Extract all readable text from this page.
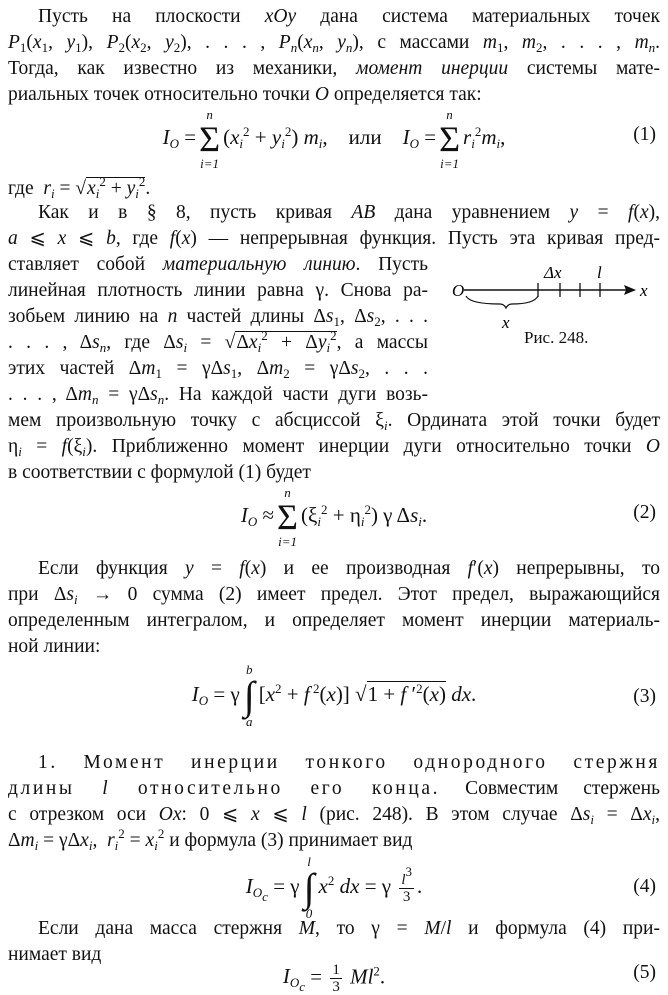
Пусть на плоскости xOy дана система материальных точек
$P_1(x_1$, $y_1$), $P_2(x_2$, $y_2$), . . . , $P_n(x_n$, $y_n$), с массами $m_1$, $m_2$, . . . , $m_n$.
Тогда, как известно из механики, момент инерции системы мате-
риальных точек относительно точки O определяется так:
$I_O$ =
n
Σ
i=1
$(x_i^2 + y_i^2)$ $m_i$,    или $I_O$ =
n
Σ
i=1
$r_i^2m_i$,	(1)
где $r_i = √x_i^2 + y_i^2$.
Как и в § 8, пусть кривая AB дана уравнением y = f(x),
a ⩽ x ⩽ b, где f(x) — непрерывная функция. Пусть эта кривая пред-
ставляет собой материальную линию. Пусть
линейная плотность линии равна γ. Снова ра-
зобьем линию на n частей длины $\Delta s_1$, $\Delta s_2$, . . .
. . . , $\Delta s_n$, где $\Delta s_i = √\Delta x_i^2 + \Delta y_i^2$, а массы
этих частей $\Delta m_1 = \gamma\Delta s_1$, $\Delta m_2 = \gamma\Delta s_2$, . . .
. . . , $\Delta m_n = \gamma\Delta s_n$. На каждой части дуги возь-
мем произвольную точку с абсциссой $\xi_i$. Ордината этой точки будет
$\eta_i = f(\xi_i)$. Приближенно момент инерции дуги относительно точки O
в соответствии с формулой (1) будет
O	x
x
Δx l
Рис. 248.
$I_O$ ≈
n
Σ
i=1
$(\xi_i^2 + \eta_i^2)$ γ $\Delta s_i$.	(2)
Если функция y = f(x) и ее производная f′(x) непрерывны, то
при $\Delta s_i \to 0$ сумма (2) имеет предел. Этот предел, выражающийся
определенным интегралом, и определяет момент инерции материаль-
ной линии:
$I_O = \gamma$
b
∫
a
[$x^2 + f$ $^2$(x)] √1 + f $'^2(x)$ dx.	(3)
1. Момент инерции тонкого однородного стержня
длины l относительно его конца. Совместим стержень
с отрезком оси Ox: 0 ⩽ x ⩽ l (рис. 248). В этом случае $\Delta s_i = \Delta x_i$,
$\Delta m_i = \gamma\Delta x_i$,  $r_i^2 = x_i^2$ и формула (3) принимает вид
$I_{O_c} = \gamma$
l
∫
0
$x^2$ dx = γ $\frac{l^3}{3}$ .	(4)
Если дана масса стержня M, то γ = M/l и формула (4) при-
нимает вид
$I_{O_c} = \frac{1}{3} Ml^2$.	(5)
